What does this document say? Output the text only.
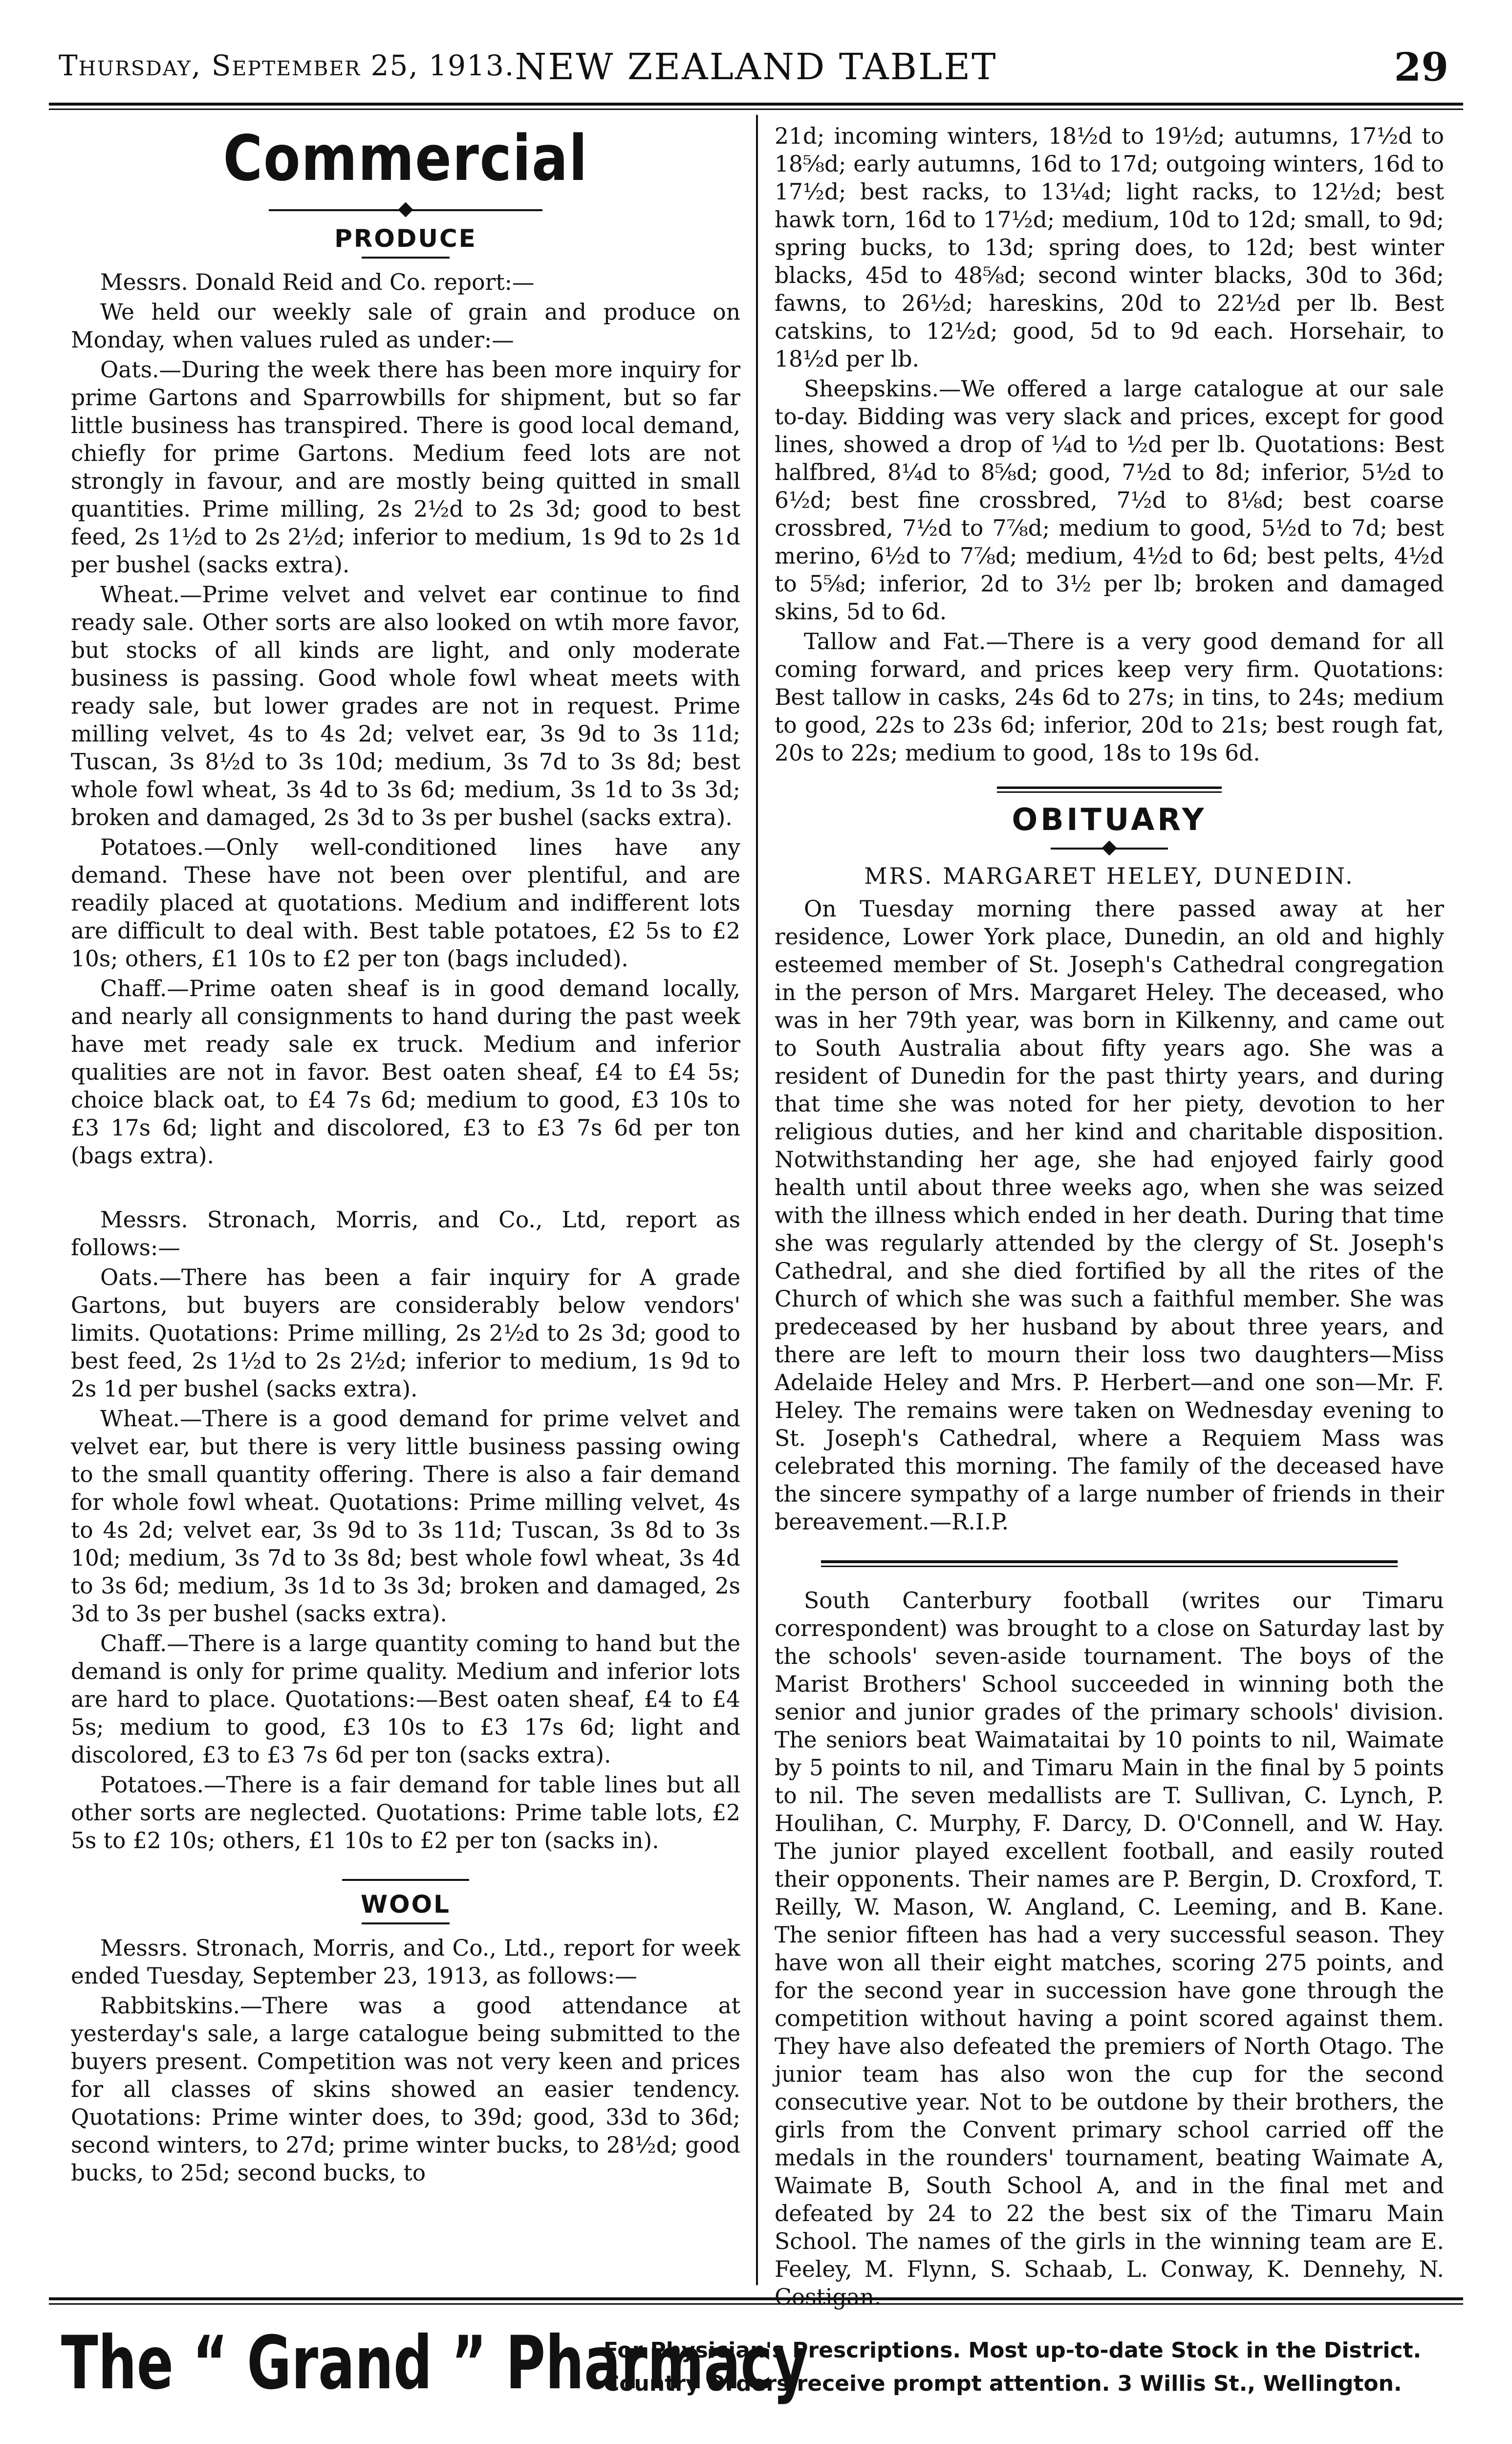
Thursday, September 25, 1913. NEW ZEALAND TABLET	29
Commercial
PRODUCE

Messrs. Donald Reid and Co. report:—

We held our weekly sale of grain and produce on Monday, when values ruled as under:—

Oats.—During the week there has been more inquiry for prime Gartons and Sparrowbills for shipment, but so far little business has transpired. There is good local demand, chiefly for prime Gartons. Medium feed lots are not strongly in favour, and are mostly being quitted in small quantities. Prime milling, 2s 2½d to 2s 3d; good to best feed, 2s 1½d to 2s 2½d; inferior to medium, 1s 9d to 2s 1d per bushel (sacks extra).

Wheat.—Prime velvet and velvet ear continue to find ready sale. Other sorts are also looked on wtih more favor, but stocks of all kinds are light, and only moderate business is passing. Good whole fowl wheat meets with ready sale, but lower grades are not in request. Prime milling velvet, 4s to 4s 2d; velvet ear, 3s 9d to 3s 11d; Tuscan, 3s 8½d to 3s 10d; medium, 3s 7d to 3s 8d; best whole fowl wheat, 3s 4d to 3s 6d; medium, 3s 1d to 3s 3d; broken and damaged, 2s 3d to 3s per bushel (sacks extra).

Potatoes.—Only well-conditioned lines have any demand. These have not been over plentiful, and are readily placed at quotations. Medium and indifferent lots are difficult to deal with. Best table potatoes, £2 5s to £2 10s; others, £1 10s to £2 per ton (bags included).

Chaff.—Prime oaten sheaf is in good demand locally, and nearly all consignments to hand during the past week have met ready sale ex truck. Medium and inferior qualities are not in favor. Best oaten sheaf, £4 to £4 5s; choice black oat, to £4 7s 6d; medium to good, £3 10s to £3 17s 6d; light and discolored, £3 to £3 7s 6d per ton (bags extra).

Messrs. Stronach, Morris, and Co., Ltd, report as follows:—

Oats.—There has been a fair inquiry for A grade Gartons, but buyers are considerably below vendors' limits. Quotations: Prime milling, 2s 2½d to 2s 3d; good to best feed, 2s 1½d to 2s 2½d; inferior to medium, 1s 9d to 2s 1d per bushel (sacks extra).

Wheat.—There is a good demand for prime velvet and velvet ear, but there is very little business passing owing to the small quantity offering. There is also a fair demand for whole fowl wheat. Quotations: Prime milling velvet, 4s to 4s 2d; velvet ear, 3s 9d to 3s 11d; Tuscan, 3s 8d to 3s 10d; medium, 3s 7d to 3s 8d; best whole fowl wheat, 3s 4d to 3s 6d; medium, 3s 1d to 3s 3d; broken and damaged, 2s 3d to 3s per bushel (sacks extra).

Chaff.—There is a large quantity coming to hand but the demand is only for prime quality. Medium and inferior lots are hard to place. Quotations:—Best oaten sheaf, £4 to £4 5s; medium to good, £3 10s to £3 17s 6d; light and discolored, £3 to £3 7s 6d per ton (sacks extra).

Potatoes.—There is a fair demand for table lines but all other sorts are neglected. Quotations: Prime table lots, £2 5s to £2 10s; others, £1 10s to £2 per ton (sacks in).

WOOL

Messrs. Stronach, Morris, and Co., Ltd., report for week ended Tuesday, September 23, 1913, as follows:—

Rabbitskins.—There was a good attendance at yesterday's sale, a large catalogue being submitted to the buyers present. Competition was not very keen and prices for all classes of skins showed an easier tendency. Quotations: Prime winter does, to 39d; good, 33d to 36d; second winters, to 27d; prime winter bucks, to 28½d; good bucks, to 25d; second bucks, to

21d; incoming winters, 18½d to 19½d; autumns, 17½d to 18⅝d; early autumns, 16d to 17d; outgoing winters, 16d to 17½d; best racks, to 13¼d; light racks, to 12½d; best hawk torn, 16d to 17½d; medium, 10d to 12d; small, to 9d; spring bucks, to 13d; spring does, to 12d; best winter blacks, 45d to 48⅝d; second winter blacks, 30d to 36d; fawns, to 26½d; hareskins, 20d to 22½d per lb. Best catskins, to 12½d; good, 5d to 9d each. Horsehair, to 18½d per lb.

Sheepskins.—We offered a large catalogue at our sale to-day. Bidding was very slack and prices, except for good lines, showed a drop of ¼d to ½d per lb. Quotations: Best halfbred, 8¼d to 8⅝d; good, 7½d to 8d; inferior, 5½d to 6½d; best fine crossbred, 7½d to 8⅛d; best coarse crossbred, 7½d to 7⅞d; medium to good, 5½d to 7d; best merino, 6½d to 7⅞d; medium, 4½d to 6d; best pelts, 4½d to 5⅝d; inferior, 2d to 3½ per lb; broken and damaged skins, 5d to 6d.

Tallow and Fat.—There is a very good demand for all coming forward, and prices keep very firm. Quotations: Best tallow in casks, 24s 6d to 27s; in tins, to 24s; medium to good, 22s to 23s 6d; inferior, 20d to 21s; best rough fat, 20s to 22s; medium to good, 18s to 19s 6d.

OBITUARY
MRS. MARGARET HELEY, DUNEDIN.

On Tuesday morning there passed away at her residence, Lower York place, Dunedin, an old and highly esteemed member of St. Joseph's Cathedral congregation in the person of Mrs. Margaret Heley. The deceased, who was in her 79th year, was born in Kilkenny, and came out to South Australia about fifty years ago. She was a resident of Dunedin for the past thirty years, and during that time she was noted for her piety, devotion to her religious duties, and her kind and charitable disposition. Notwithstanding her age, she had enjoyed fairly good health until about three weeks ago, when she was seized with the illness which ended in her death. During that time she was regularly attended by the clergy of St. Joseph's Cathedral, and she died fortified by all the rites of the Church of which she was such a faithful member. She was predeceased by her husband by about three years, and there are left to mourn their loss two daughters—Miss Adelaide Heley and Mrs. P. Herbert—and one son—Mr. F. Heley. The remains were taken on Wednesday evening to St. Joseph's Cathedral, where a Requiem Mass was celebrated this morning. The family of the deceased have the sincere sympathy of a large number of friends in their bereavement.—R.I.P.

South Canterbury football (writes our Timaru correspondent) was brought to a close on Saturday last by the schools' seven-aside tournament. The boys of the Marist Brothers' School succeeded in winning both the senior and junior grades of the primary schools' division. The seniors beat Waimataitai by 10 points to nil, Waimate by 5 points to nil, and Timaru Main in the final by 5 points to nil. The seven medallists are T. Sullivan, C. Lynch, P. Houlihan, C. Murphy, F. Darcy, D. O'Connell, and W. Hay. The junior played excellent football, and easily routed their opponents. Their names are P. Bergin, D. Croxford, T. Reilly, W. Mason, W. Angland, C. Leeming, and B. Kane. The senior fifteen has had a very successful season. They have won all their eight matches, scoring 275 points, and for the second year in succession have gone through the competition without having a point scored against them. They have also defeated the premiers of North Otago. The junior team has also won the cup for the second consecutive year. Not to be outdone by their brothers, the girls from the Convent primary school carried off the medals in the rounders' tournament, beating Waimate A, Waimate B, South School A, and in the final met and defeated by 24 to 22 the best six of the Timaru Main School. The names of the girls in the winning team are E. Feeley, M. Flynn, S. Schaab, L. Conway, K. Dennehy, N. Costigan.

The “ Grand ” Pharmacy
For Physician's Prescriptions. Most up-to-date Stock in the District.
Country Orders receive prompt attention. 3 Willis St., Wellington.
